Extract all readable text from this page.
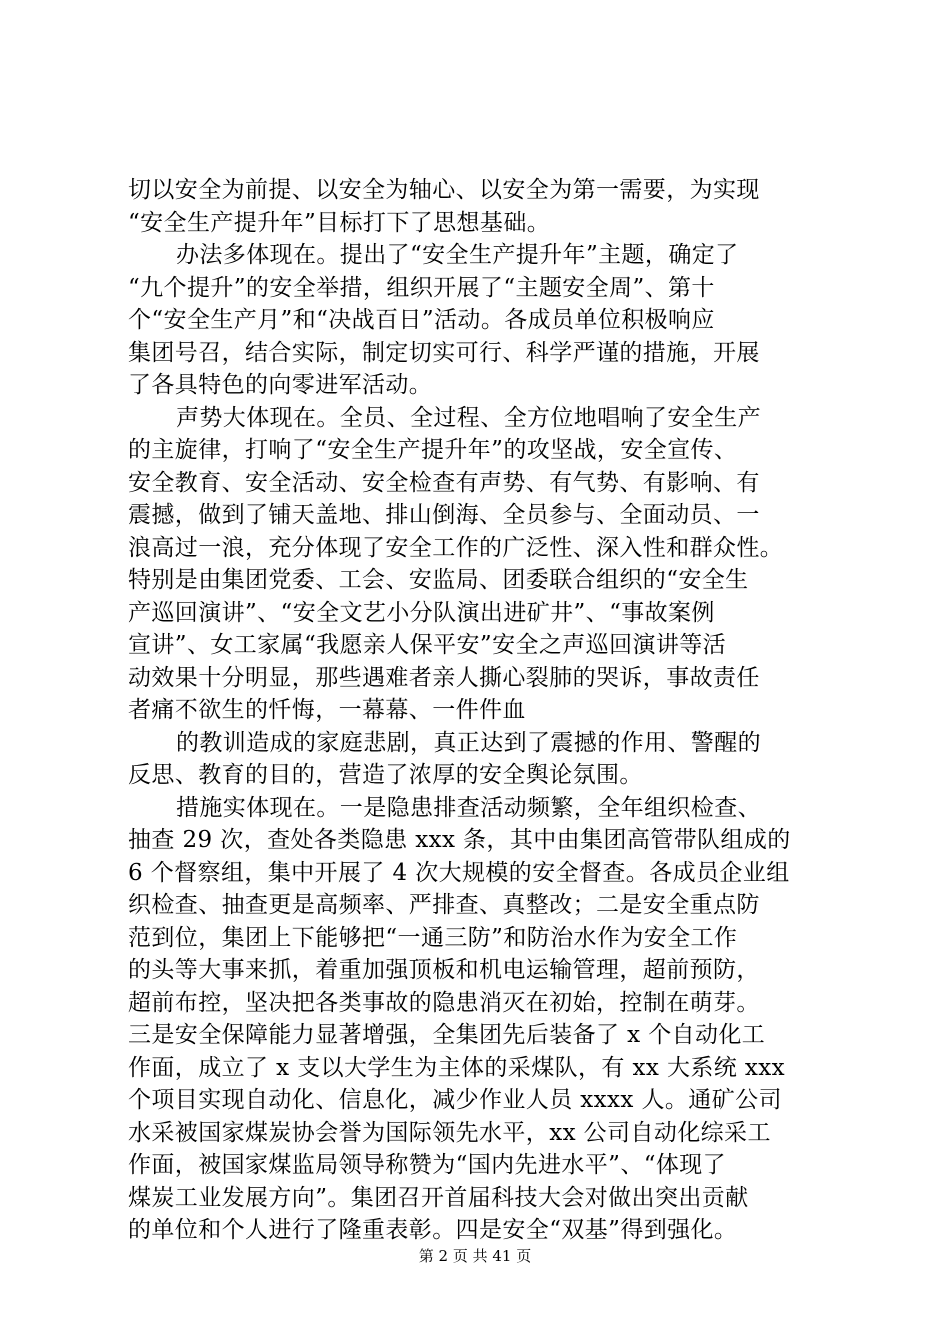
切以安全为前提、以安全为轴心、以安全为第一需要，为实现
“安全生产提升年”目标打下了思想基础。
办法多体现在。提出了“安全生产提升年”主题，确定了
“九个提升”的安全举措，组织开展了“主题安全周”、第十
个“安全生产月”和“决战百日”活动。各成员单位积极响应
集团号召，结合实际，制定切实可行、科学严谨的措施，开展
了各具特色的向零进军活动。
声势大体现在。全员、全过程、全方位地唱响了安全生产
的主旋律，打响了“安全生产提升年”的攻坚战，安全宣传、
安全教育、安全活动、安全检查有声势、有气势、有影响、有
震撼，做到了铺天盖地、排山倒海、全员参与、全面动员、一
浪高过一浪，充分体现了安全工作的广泛性、深入性和群众性。
特别是由集团党委、工会、安监局、团委联合组织的“安全生
产巡回演讲”、“安全文艺小分队演出进矿井”、“事故案例
宣讲”、女工家属“我愿亲人保平安”安全之声巡回演讲等活
动效果十分明显，那些遇难者亲人撕心裂肺的哭诉，事故责任
者痛不欲生的忏悔，一幕幕、一件件血
的教训造成的家庭悲剧，真正达到了震撼的作用、警醒的
反思、教育的目的，营造了浓厚的安全舆论氛围。
措施实体现在。一是隐患排查活动频繁，全年组织检查、
抽查 29 次，查处各类隐患 xxx 条，其中由集团高管带队组成的
6 个督察组，集中开展了 4 次大规模的安全督查。各成员企业组
织检查、抽查更是高频率、严排查、真整改；二是安全重点防
范到位，集团上下能够把“一通三防”和防治水作为安全工作
的头等大事来抓，着重加强顶板和机电运输管理，超前预防，
超前布控，坚决把各类事故的隐患消灭在初始，控制在萌芽。
三是安全保障能力显著增强，全集团先后装备了 x 个自动化工
作面，成立了 x 支以大学生为主体的采煤队，有 xx 大系统 xxx
个项目实现自动化、信息化，减少作业人员 xxxx 人。通矿公司
水采被国家煤炭协会誉为国际领先水平，xx 公司自动化综采工
作面，被国家煤监局领导称赞为“国内先进水平”、“体现了
煤炭工业发展方向”。集团召开首届科技大会对做出突出贡献
的单位和个人进行了隆重表彰。四是安全“双基”得到强化。
第 2 页 共 41 页
